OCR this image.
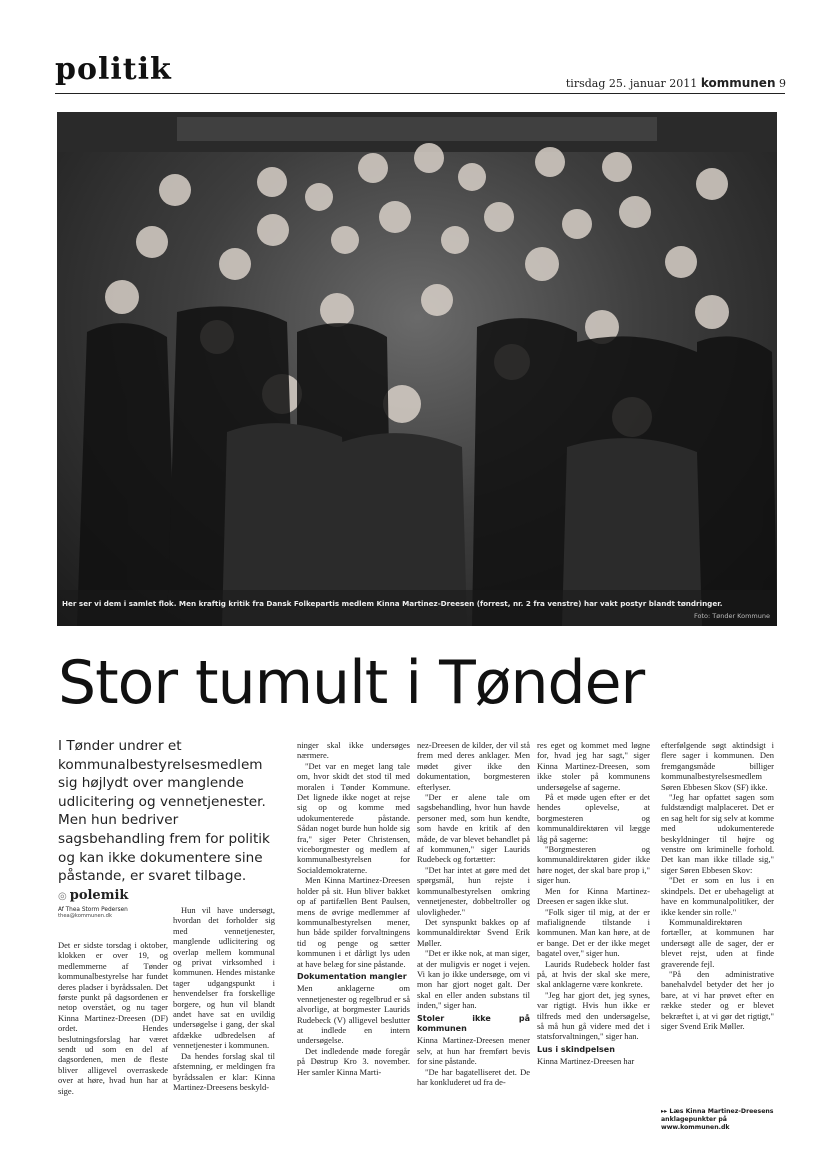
politik	tirsdag 25. januar 2011 kommunen 9
Her ser vi dem i samlet flok. Men kraftig kritik fra Dansk Folkepartis medlem Kinna Martinez-Dreesen (forrest, nr. 2 fra venstre) har vakt postyr blandt tøndringer.
Foto: Tønder Kommune
Stor tumult i Tønder
I Tønder undrer et kommunalbestyrelsesmedlem sig højlydt over manglende udlicitering og vennetjenester. Men hun bedriver sagsbehandling frem for politik og kan ikke dokumentere sine påstande, er svaret tilbage.
◎ polemik
Af Thea Storm Pedersen
thea@kommunen.dk

Det er sidste torsdag i oktober, klokken er over 19, og medlemmerne af Tønder kommunalbestyrelse har fundet deres pladser i byrådssalen. Det første punkt på dagsordenen er netop overstået, og nu tager Kinna Martinez-Dreesen (DF) ordet. Hendes beslutningsforslag har været sendt ud som en del af dagsordenen, men de fleste bliver alligevel overraskede over at høre, hvad hun har at sige.

Hun vil have undersøgt, hvordan det forholder sig med vennetjenester, manglende udlicitering og overlap mellem kommunal og privat virksomhed i kommunen. Hendes mistanke tager udgangspunkt i henvendelser fra forskellige borgere, og hun vil blandt andet have sat en uvildig undersøgelse i gang, der skal afdække udbredelsen af vennetjenester i kommunen.

Da hendes forslag skal til afstemning, er meldingen fra byrådssalen er klar: Kinna Martinez-Dreesens beskyld-

ninger skal ikke undersøges nærmere.

"Det var en meget lang tale om, hvor skidt det stod til med moralen i Tønder Kommune. Det lignede ikke noget at rejse sig op og komme med udokumenterede påstande. Sådan noget burde hun holde sig fra," siger Peter Christensen, viceborgmester og medlem af kommunalbestyrelsen for Socialdemokraterne.

Men Kinna Martinez-Dreesen holder på sit. Hun bliver bakket op af partifællen Bent Paulsen, mens de øvrige medlemmer af kommunalbestyrelsen mener, hun både spilder forvaltningens tid og penge og sætter kommunen i et dårligt lys uden at have belæg for sine påstande.

Dokumentation mangler

Men anklagerne om vennetjenester og regelbrud er så alvorlige, at borgmester Laurids Rudebeck (V) alligevel beslutter at indlede en intern undersøgelse.

Det indledende møde foregår på Døstrup Kro 3. november. Her samler Kinna Marti-

nez-Dreesen de kilder, der vil stå frem med deres anklager. Men mødet giver ikke den dokumentation, borgmesteren efterlyser.

"Der er alene tale om sagsbehandling, hvor hun havde personer med, som hun kendte, som havde en kritik af den måde, de var blevet behandlet på af kommunen," siger Laurids Rudebeck og fortætter:

"Det har intet at gøre med det spørgsmål, hun rejste i kommunalbestyrelsen omkring vennetjenester, dobbeltroller og ulovligheder."

Det synspunkt bakkes op af kommunaldirektør Svend Erik Møller.

"Det er ikke nok, at man siger, at der muligvis er noget i vejen. Vi kan jo ikke undersøge, om vi mon har gjort noget galt. Der skal en eller anden substans til inden," siger han.

Stoler ikke på kommunen

Kinna Martinez-Dreesen mener selv, at hun har fremført bevis for sine påstande.

"De har bagatelliseret det. De har konkluderet ud fra de-

res eget og kommet med løgne for, hvad jeg har sagt," siger Kinna Martinez-Dreesen, som ikke stoler på kommunens undersøgelse af sagerne.

På et møde ugen efter er det hendes oplevelse, at borgmesteren og kommunaldirektøren vil lægge låg på sagerne:

"Borgmesteren og kommunaldirektøren gider ikke høre noget, der skal bare prop i," siger hun.

Men for Kinna Martinez-Dreesen er sagen ikke slut.

"Folk siger til mig, at der er mafialignende tilstande i kommunen. Man kan høre, at de er bange. Det er der ikke meget bagatel over," siger hun.

Laurids Rudebeck holder fast på, at hvis der skal ske mere, skal anklagerne være konkrete.

"Jeg har gjort det, jeg synes, var rigtigt. Hvis hun ikke er tilfreds med den undersøgelse, så må hun gå videre med det i statsforvaltningen," siger han.

Lus i skindpelsen

Kinna Martinez-Dreesen har

efterfølgende søgt aktindsigt i flere sager i kommunen. Den fremgangsmåde billiger kommunalbestyrelsesmedlem Søren Ebbesen Skov (SF) ikke.

"Jeg har opfattet sagen som fuldstændigt malplaceret. Det er en sag helt for sig selv at komme med udokumenterede beskyldninger til højre og venstre om kriminelle forhold. Det kan man ikke tillade sig," siger Søren Ebbesen Skov:

"Det er som en lus i en skindpels. Det er ubehageligt at have en kommunalpolitiker, der ikke kender sin rolle."

Kommunaldirektøren fortæller, at kommunen har undersøgt alle de sager, der er blevet rejst, uden at finde graverende fejl.

"På den administrative banehalvdel betyder det her jo bare, at vi har prøvet efter en række steder og er blevet bekræftet i, at vi gør det rigtigt," siger Svend Erik Møller.

▸▸ Læs Kinna Martinez-Dreesens anklagepunkter på www.kommunen.dk
